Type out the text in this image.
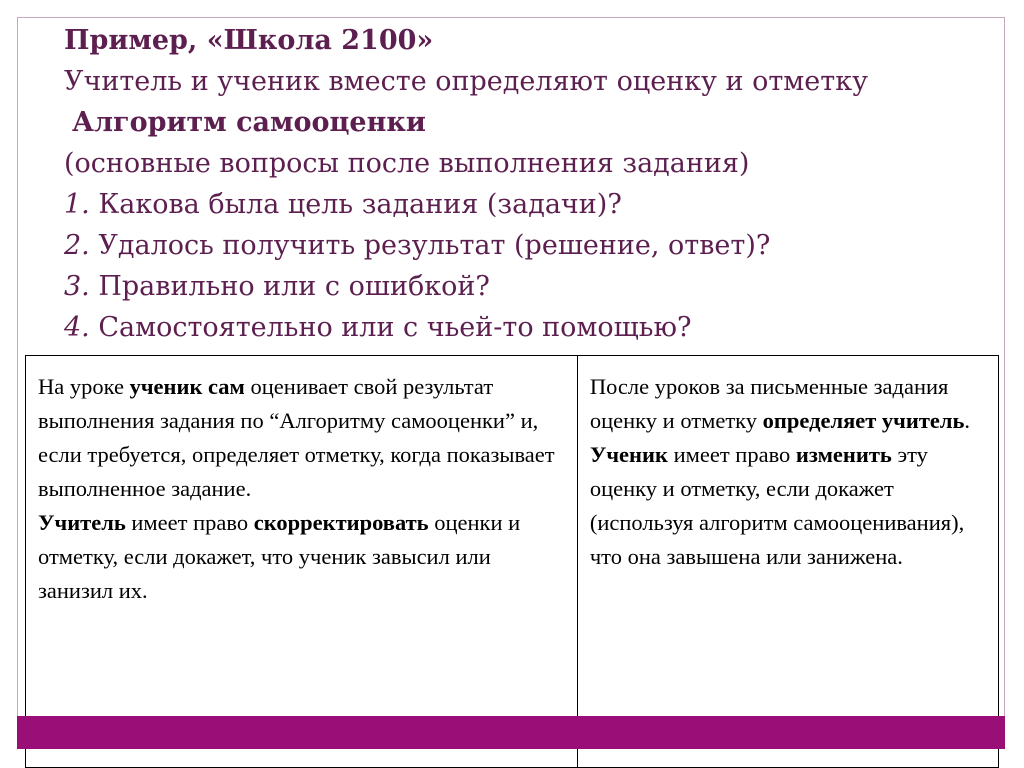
Пример, «Школа 2100»
Учитель и ученик вместе определяют оценку и отметку
Алгоритм самооценки
(основные вопросы после выполнения задания)
1. Какова была цель задания (задачи)?
2. Удалось получить результат (решение, ответ)?
3. Правильно или с ошибкой?
4. Самостоятельно или с чьей-то помощью?
На уроке ученик сам оценивает свой результат выполнения задания по “Алгоритму самооценки” и, если требуется, определяет отметку, когда показывает выполненное задание.
Учитель имеет право скорректировать оценки и отметку, если докажет, что ученик завысил или занизил их.
После уроков за письменные задания оценку и отметку определяет учитель. Ученик имеет право изменить эту оценку и отметку, если докажет (используя алгоритм самооценивания), что она завышена или занижена.
